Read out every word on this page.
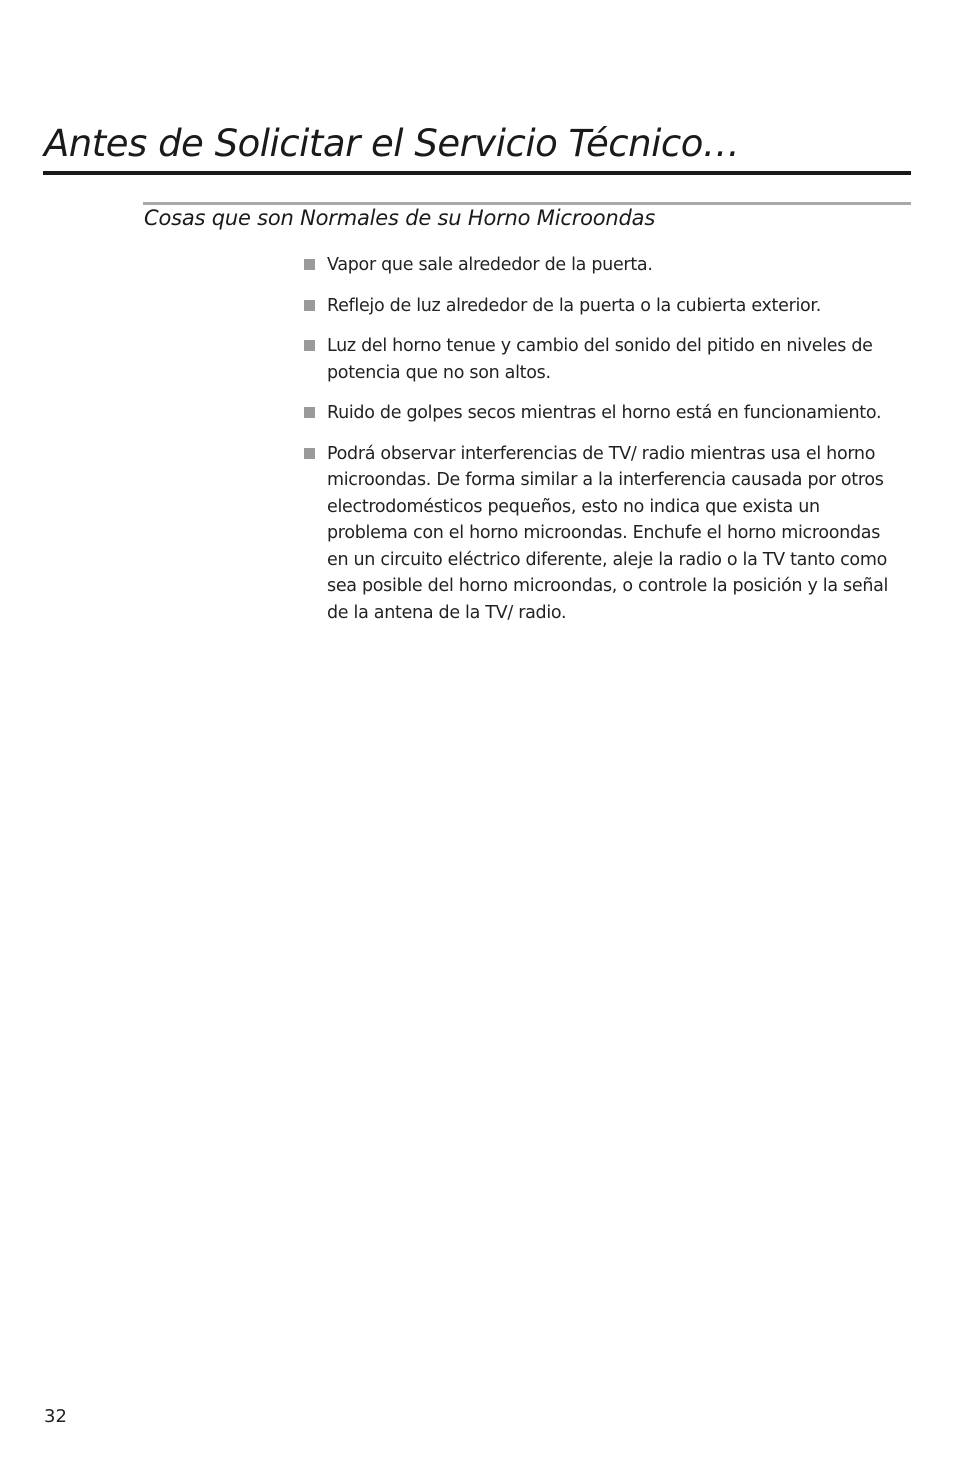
Antes de Solicitar el Servicio Técnico…
Cosas que son Normales de su Horno Microondas
Vapor que sale alrededor de la puerta.
Reflejo de luz alrededor de la puerta o la cubierta exterior.
Luz del horno tenue y cambio del sonido del pitido en niveles de potencia que no son altos.
Ruido de golpes secos mientras el horno está en funcionamiento.
Podrá observar interferencias de TV/ radio mientras usa el horno microondas. De forma similar a la interferencia causada por otros electrodomésticos pequeños, esto no indica que exista un problema con el horno microondas. Enchufe el horno microondas en un circuito eléctrico diferente, aleje la radio o la TV tanto como sea posible del horno microondas, o controle la posición y la señal de la antena de la TV/ radio.
32
